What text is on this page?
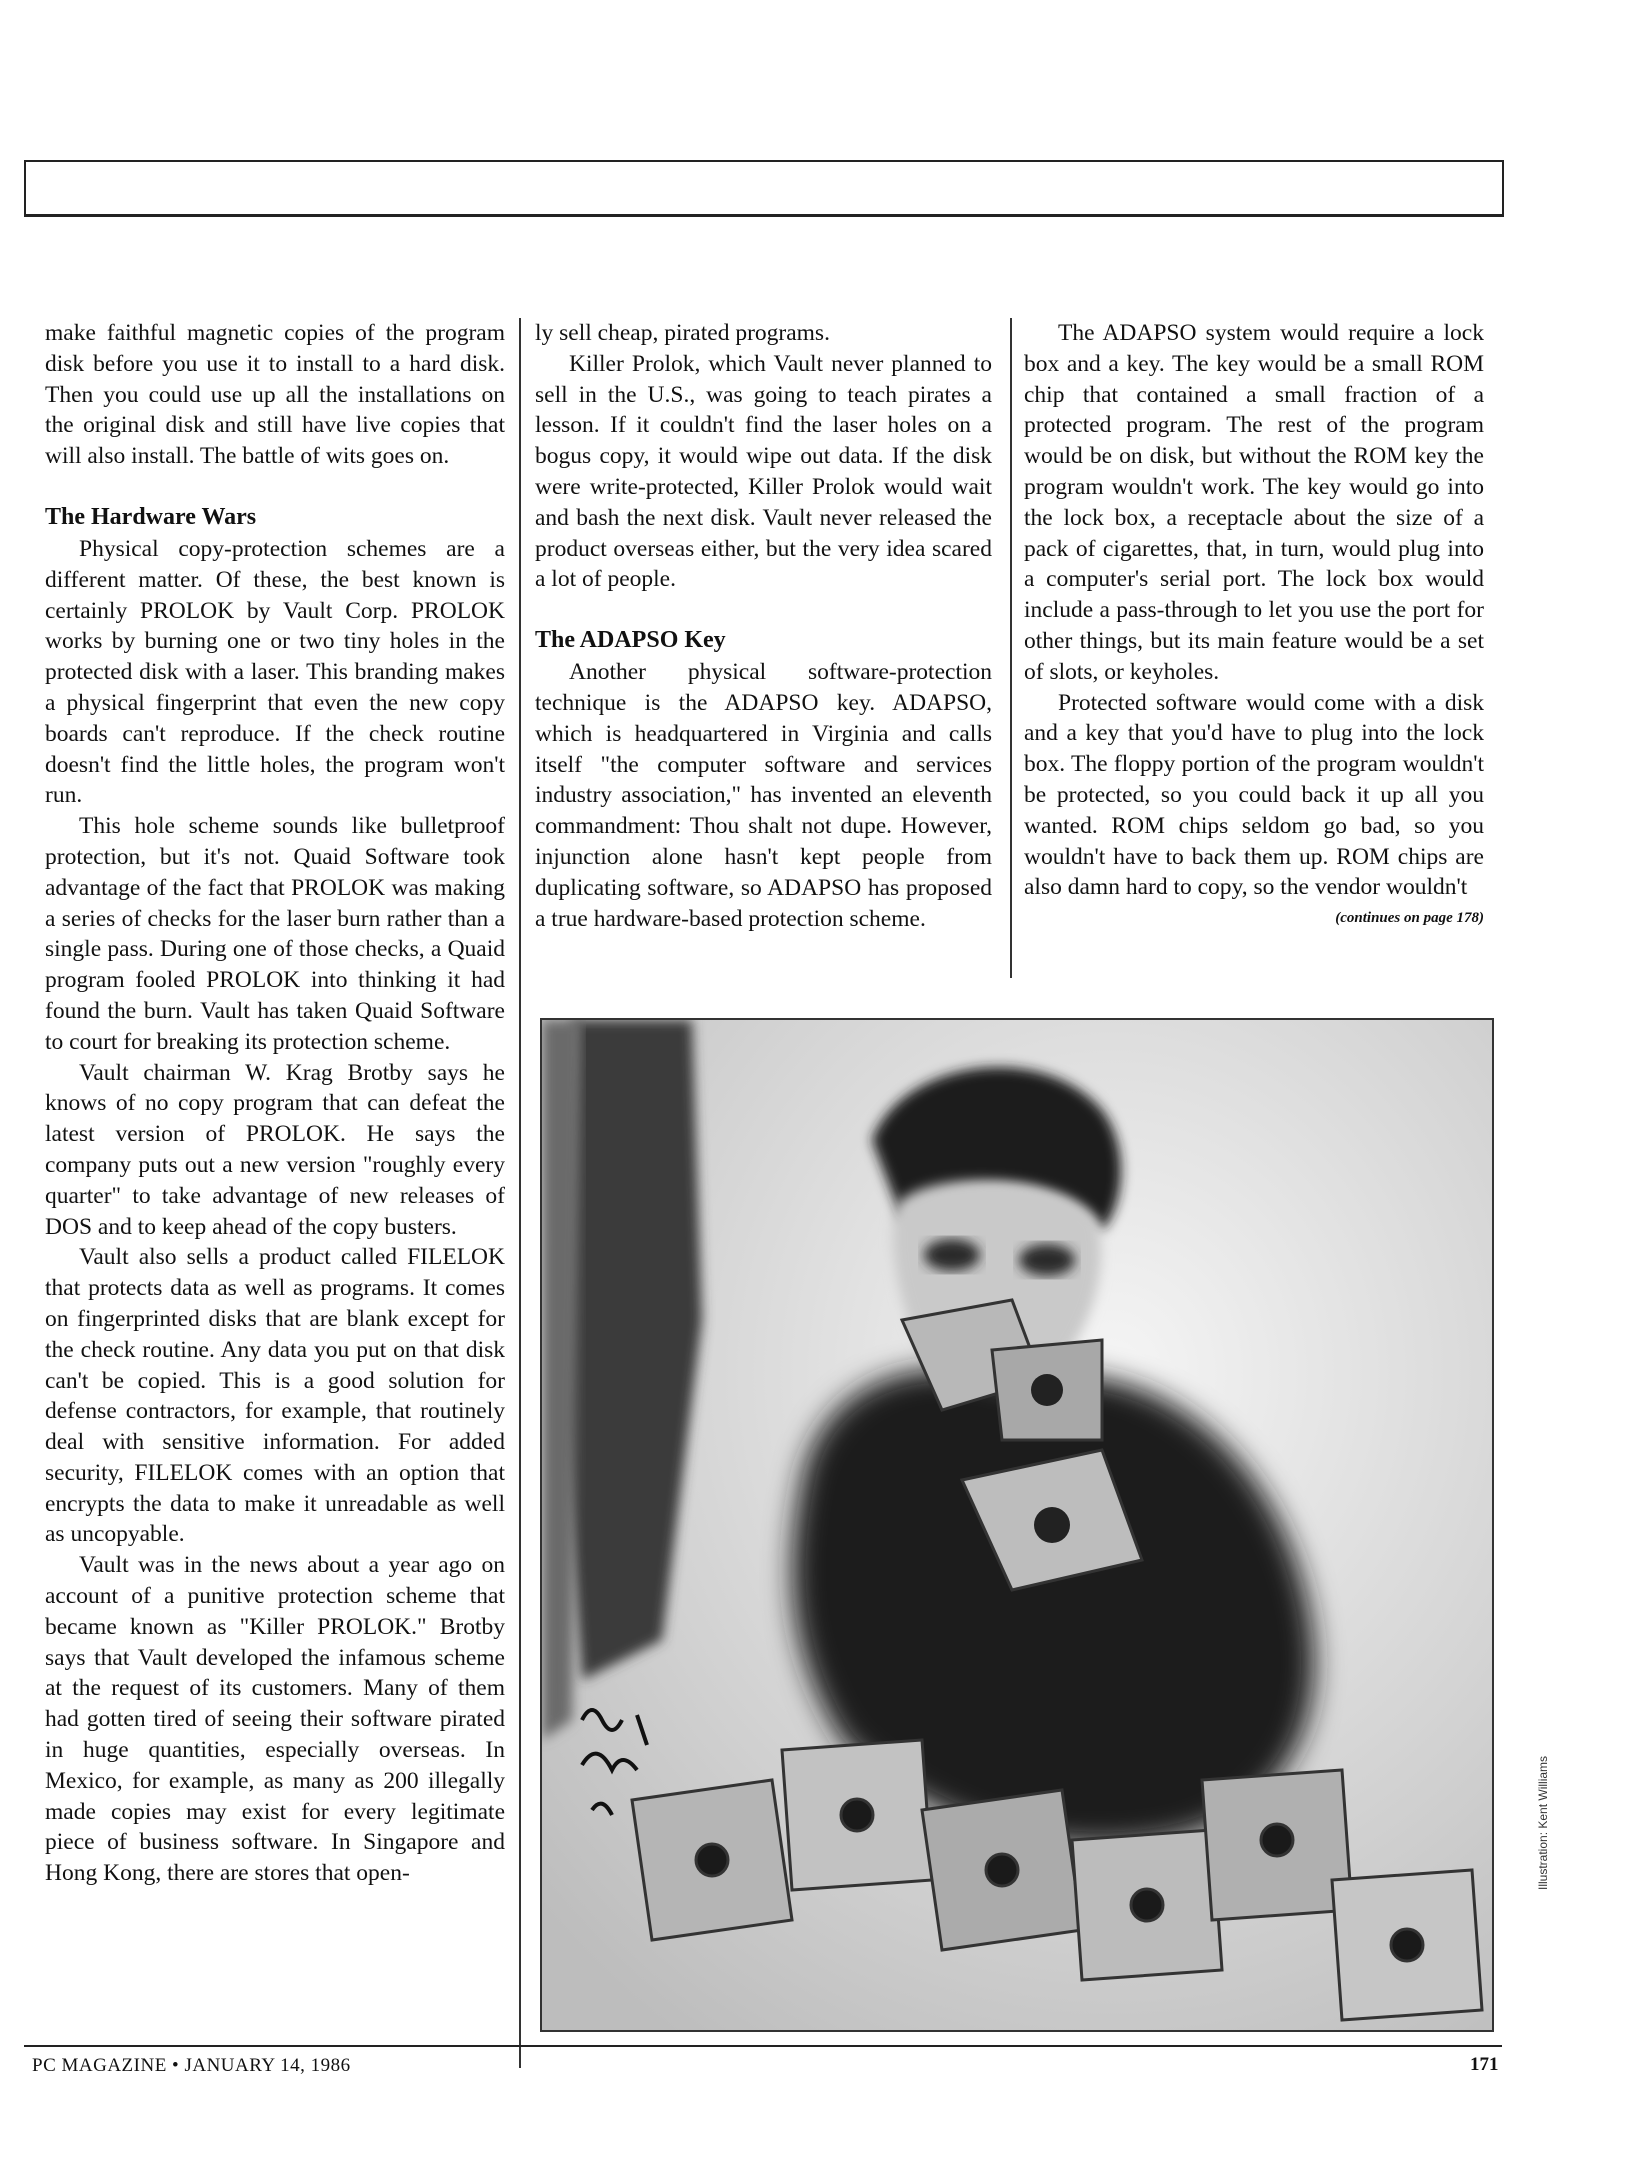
make faithful magnetic copies of the program disk before you use it to install to a hard disk. Then you could use up all the installations on the original disk and still have live copies that will also install. The battle of wits goes on.

The Hardware Wars

Physical copy-protection schemes are a different matter. Of these, the best known is certainly PROLOK by Vault Corp. PROLOK works by burning one or two tiny holes in the protected disk with a laser. This branding makes a physical fingerprint that even the new copy boards can't reproduce. If the check routine doesn't find the little holes, the program won't run.

This hole scheme sounds like bulletproof protection, but it's not. Quaid Software took advantage of the fact that PROLOK was making a series of checks for the laser burn rather than a single pass. During one of those checks, a Quaid program fooled PROLOK into thinking it had found the burn. Vault has taken Quaid Software to court for breaking its protection scheme.

Vault chairman W. Krag Brotby says he knows of no copy program that can defeat the latest version of PROLOK. He says the company puts out a new version "roughly every quarter" to take advantage of new releases of DOS and to keep ahead of the copy busters.

Vault also sells a product called FILELOK that protects data as well as programs. It comes on fingerprinted disks that are blank except for the check routine. Any data you put on that disk can't be copied. This is a good solution for defense contractors, for example, that routinely deal with sensitive information. For added security, FILELOK comes with an option that encrypts the data to make it unreadable as well as uncopyable.

Vault was in the news about a year ago on account of a punitive protection scheme that became known as "Killer PROLOK." Brotby says that Vault developed the infamous scheme at the request of its customers. Many of them had gotten tired of seeing their software pirated in huge quantities, especially overseas. In Mexico, for example, as many as 200 illegally made copies may exist for every legitimate piece of business software. In Singapore and Hong Kong, there are stores that open-

ly sell cheap, pirated programs.

Killer Prolok, which Vault never planned to sell in the U.S., was going to teach pirates a lesson. If it couldn't find the laser holes on a bogus copy, it would wipe out data. If the disk were write-protected, Killer Prolok would wait and bash the next disk. Vault never released the product overseas either, but the very idea scared a lot of people.

The ADAPSO Key

Another physical software-protection technique is the ADAPSO key. ADAPSO, which is headquartered in Virginia and calls itself "the computer software and services industry association," has invented an eleventh commandment: Thou shalt not dupe. However, injunction alone hasn't kept people from duplicating software, so ADAPSO has proposed a true hardware-based protection scheme.

The ADAPSO system would require a lock box and a key. The key would be a small ROM chip that contained a small fraction of a protected program. The rest of the program would be on disk, but without the ROM key the program wouldn't work. The key would go into the lock box, a receptacle about the size of a pack of cigarettes, that, in turn, would plug into a computer's serial port. The lock box would include a pass-through to let you use the port for other things, but its main feature would be a set of slots, or keyholes.

Protected software would come with a disk and a key that you'd have to plug into the lock box. The floppy portion of the program wouldn't be protected, so you could back it up all you wanted. ROM chips seldom go bad, so you wouldn't have to back them up. ROM chips are also damn hard to copy, so the vendor wouldn't

(continues on page 178)

Illustration: Kent Williams
PC MAGAZINE • JANUARY 14, 1986	171
